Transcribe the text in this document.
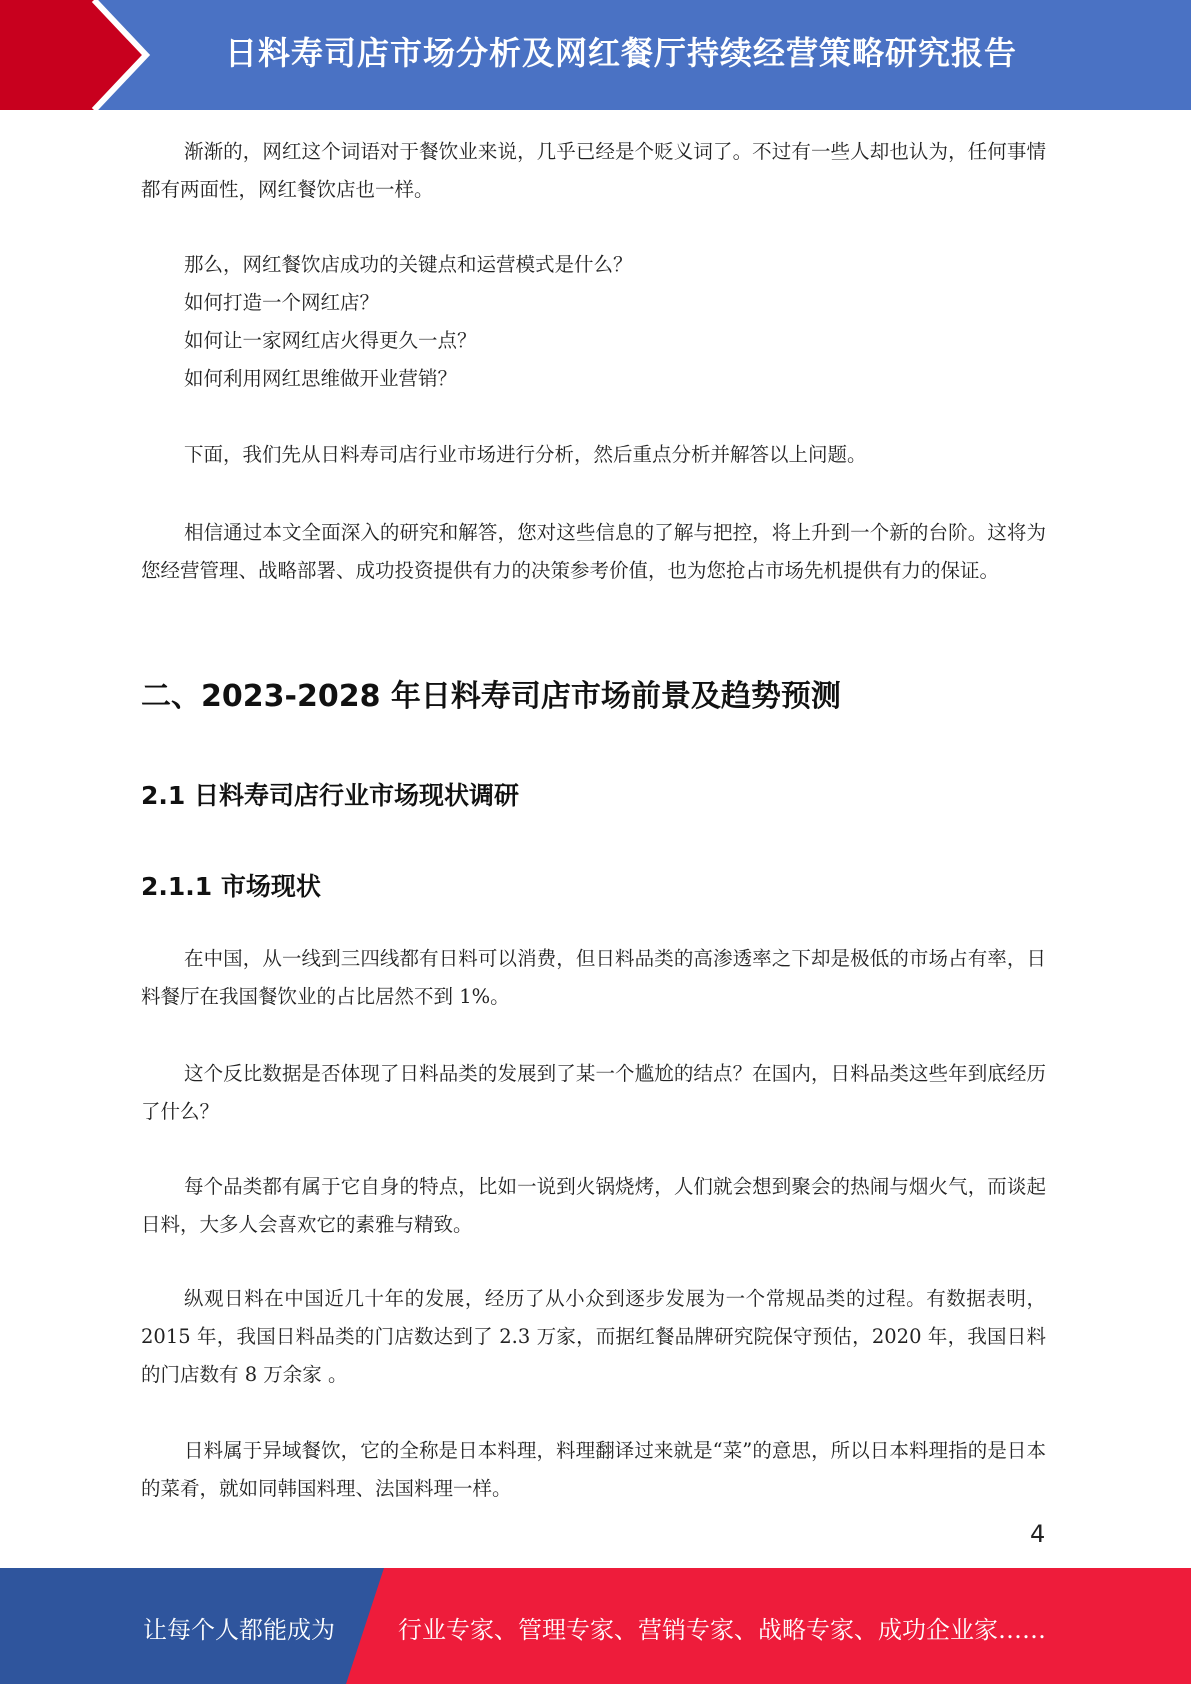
日料寿司店市场分析及网红餐厅持续经营策略研究报告

渐渐的，网红这个词语对于餐饮业来说，几乎已经是个贬义词了。不过有一些人却也认为，任何事情都有两面性，网红餐饮店也一样。

那么，网红餐饮店成功的关键点和运营模式是什么？

如何打造一个网红店？

如何让一家网红店火得更久一点？

如何利用网红思维做开业营销？

下面，我们先从日料寿司店行业市场进行分析，然后重点分析并解答以上问题。

相信通过本文全面深入的研究和解答，您对这些信息的了解与把控，将上升到一个新的台阶。这将为您经营管理、战略部署、成功投资提供有力的决策参考价值，也为您抢占市场先机提供有力的保证。

二、2023-2028 年日料寿司店市场前景及趋势预测
2.1 日料寿司店行业市场现状调研
2.1.1 市场现状

在中国，从一线到三四线都有日料可以消费，但日料品类的高渗透率之下却是极低的市场占有率，日料餐厅在我国餐饮业的占比居然不到 1%。

这个反比数据是否体现了日料品类的发展到了某一个尴尬的结点？在国内，日料品类这些年到底经历了什么？

每个品类都有属于它自身的特点，比如一说到火锅烧烤，人们就会想到聚会的热闹与烟火气，而谈起日料，大多人会喜欢它的素雅与精致。

纵观日料在中国近几十年的发展，经历了从小众到逐步发展为一个常规品类的过程。有数据表明，2015 年，我国日料品类的门店数达到了 2.3 万家，而据红餐品牌研究院保守预估，2020 年，我国日料的门店数有 8 万余家 。

日料属于异域餐饮，它的全称是日本料理，料理翻译过来就是“菜”的意思，所以日本料理指的是日本的菜肴，就如同韩国料理、法国料理一样。

4
让每个人都能成为	行业专家、管理专家、营销专家、战略专家、成功企业家……
